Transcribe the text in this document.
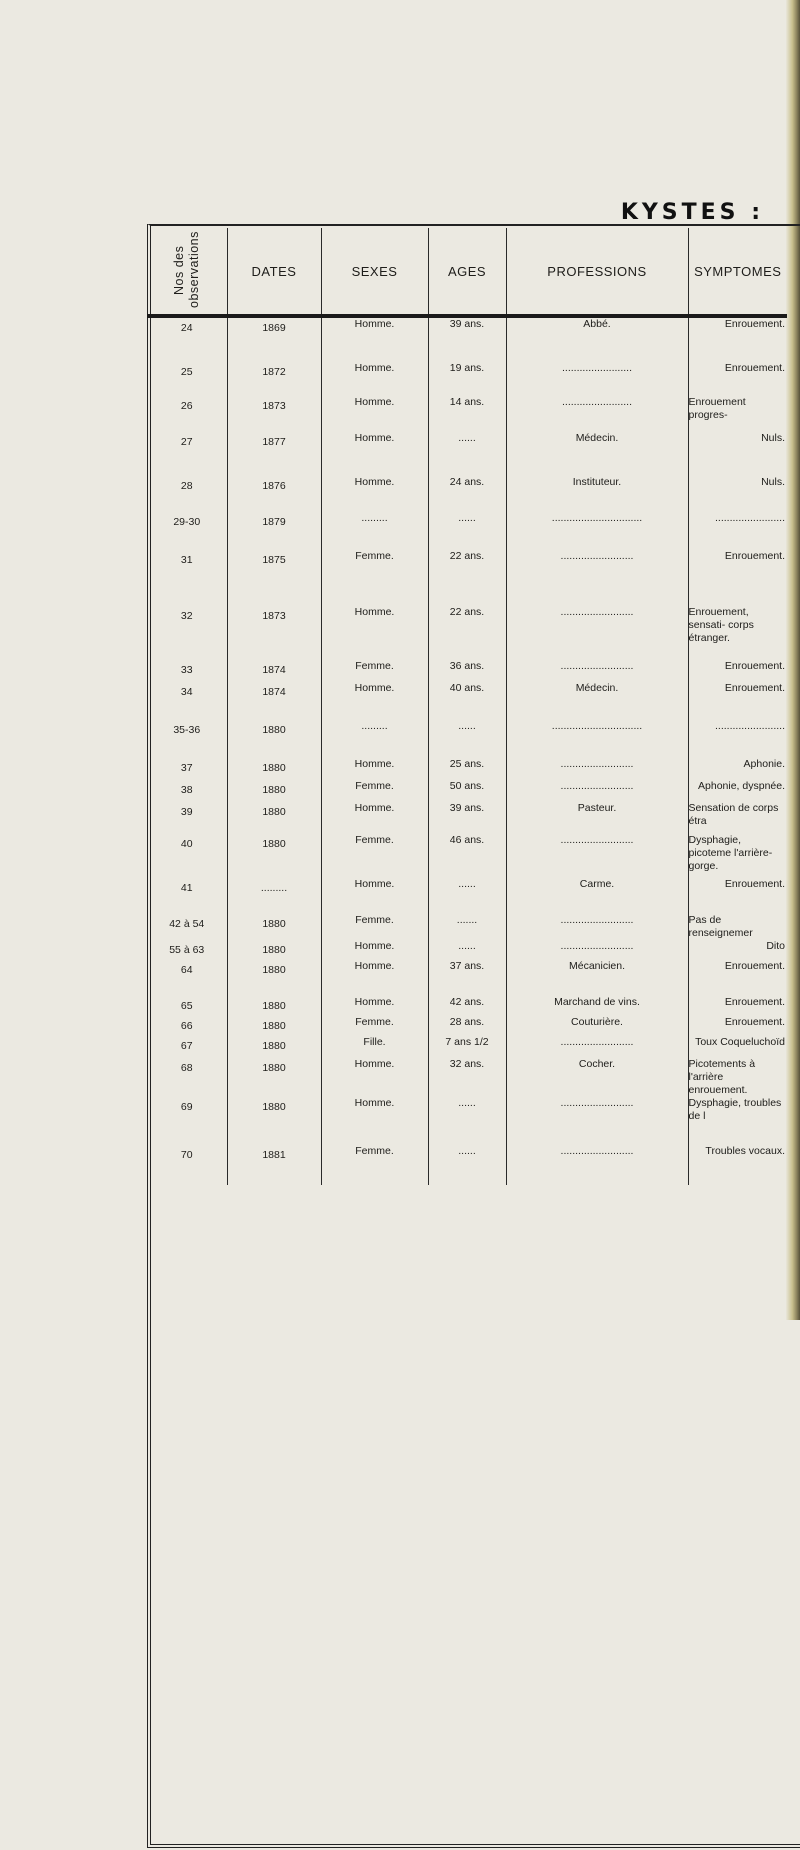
KYSTES :
Nos des observations	DATES	SEXES	AGES	PROFESSIONS	SYMPTOMES
24	1869	Homme.	39 ans.	Abbé.	Enrouement.
25	1872	Homme.	19 ans.	........................	Enrouement.
26	1873	Homme.	14 ans.	........................	Enrouement progres-
27	1877	Homme.	......	Médecin.	Nuls.
28	1876	Homme.	24 ans.	Instituteur.	Nuls.
29-30	1879	.........	......	...............................	........................
31	1875	Femme.	22 ans.	.........................	Enrouement.
32	1873	Homme.	22 ans.	.........................	Enrouement, sensati- corps étranger.
33	1874	Femme.	36 ans.	.........................	Enrouement.
34	1874	Homme.	40 ans.	Médecin.	Enrouement.
35-36	1880	.........	......	...............................	........................
37	1880	Homme.	25 ans.	.........................	Aphonie.
38	1880	Femme.	50 ans.	.........................	Aphonie, dyspnée.
39	1880	Homme.	39 ans.	Pasteur.	Sensation de corps étra
40	1880	Femme.	46 ans.	.........................	Dysphagie, picoteme l'arrière-gorge.
41	.........	Homme.	......	Carme.	Enrouement.
42 à 54	1880	Femme.	.......	.........................	Pas de renseignemer
55 à 63	1880	Homme.	......	.........................	Dito
64	1880	Homme.	37 ans.	Mécanicien.	Enrouement.
65	1880	Homme.	42 ans.	Marchand de vins.	Enrouement.
66	1880	Femme.	28 ans.	Couturière.	Enrouement.
67	1880	Fille.	7 ans 1/2	.........................	Toux Coqueluchoïd
68	1880	Homme.	32 ans.	Cocher.	Picotements à l'arrière enrouement.
69	1880	Homme.	......	.........................	Dysphagie, troubles de l
70	1881	Femme.	......	.........................	Troubles vocaux.
